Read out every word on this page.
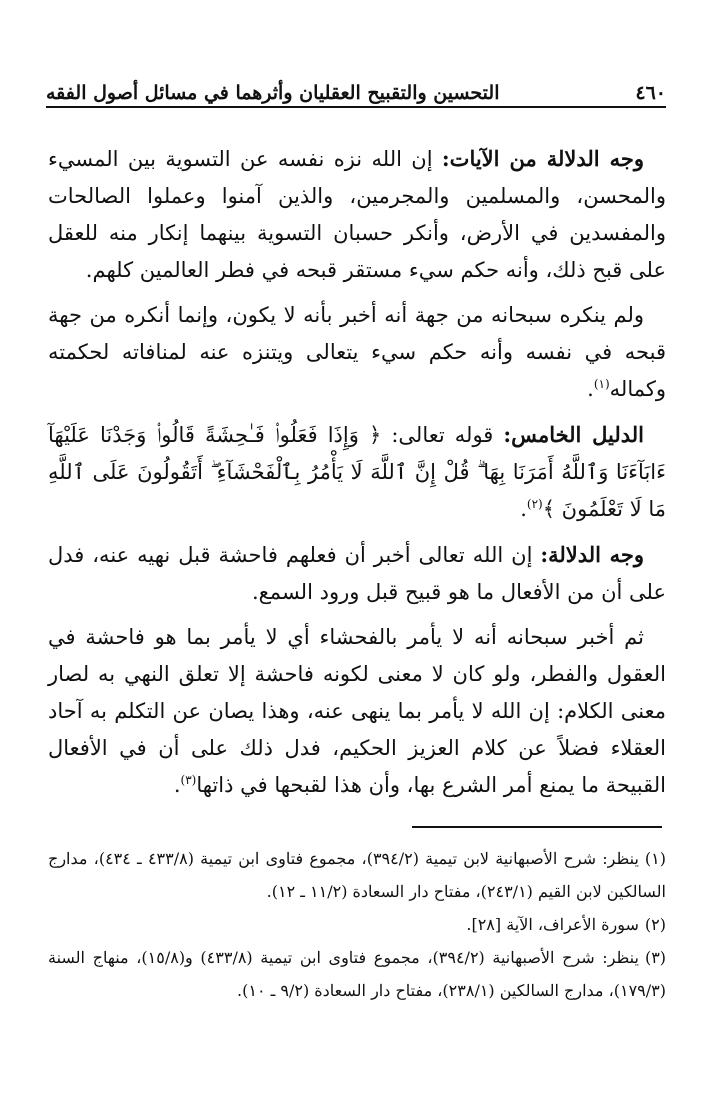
٤٦٠
التحسين والتقبيح العقليان وأثرهما في مسائل أصول الفقه

وجه الدلالة من الآيات: إن الله نزه نفسه عن التسوية بين المسيء والمحسن، والمسلمين والمجرمين، والذين آمنوا وعملوا الصالحات والمفسدين في الأرض، وأنكر حسبان التسوية بينهما إنكار منه للعقل على قبح ذلك، وأنه حكم سيء مستقر قبحه في فطر العالمين كلهم.

ولم ينكره سبحانه من جهة أنه أخبر بأنه لا يكون، وإنما أنكره من جهة قبحه في نفسه وأنه حكم سيء يتعالى ويتنزه عنه لمنافاته لحكمته وكماله$^{(١)}$.

الدليل الخامس: قوله تعالى: ﴿ وَإِذَا فَعَلُوا۟ فَـٰحِشَةً قَالُوا۟ وَجَدْنَا عَلَيْهَآ ءَابَآءَنَا وَٱللَّهُ أَمَرَنَا بِهَا ۗ قُلْ إِنَّ ٱللَّهَ لَا يَأْمُرُ بِٱلْفَحْشَآءِ ۖ أَتَقُولُونَ عَلَى ٱللَّهِ مَا لَا تَعْلَمُونَ ﴾$^{(٢)}$.

وجه الدلالة: إن الله تعالى أخبر أن فعلهم فاحشة قبل نهيه عنه، فدل على أن من الأفعال ما هو قبيح قبل ورود السمع.

ثم أخبر سبحانه أنه لا يأمر بالفحشاء أي لا يأمر بما هو فاحشة في العقول والفطر، ولو كان لا معنى لكونه فاحشة إلا تعلق النهي به لصار معنى الكلام: إن الله لا يأمر بما ينهى عنه، وهذا يصان عن التكلم به آحاد العقلاء فضلاً عن كلام العزيز الحكيم، فدل ذلك على أن في الأفعال القبيحة ما يمنع أمر الشرع بها، وأن هذا لقبحها في ذاتها$^{(٣)}$.

(١)ينظر: شرح الأصبهانية لابن تيمية (٣٩٤/٢)، مجموع فتاوى ابن تيمية (٤٣٣/٨ ـ ٤٣٤)، مدارج السالكين لابن القيم (٢٤٣/١)، مفتاح دار السعادة (١١/٢ ـ ١٢).

(٢)سورة الأعراف، الآية [٢٨].

(٣)ينظر: شرح الأصبهانية (٣٩٤/٢)، مجموع فتاوى ابن تيمية (٤٣٣/٨) و(١٥/٨)، منهاج السنة (١٧٩/٣)، مدارج السالكين (٢٣٨/١)، مفتاح دار السعادة (٩/٢ ـ ١٠).
